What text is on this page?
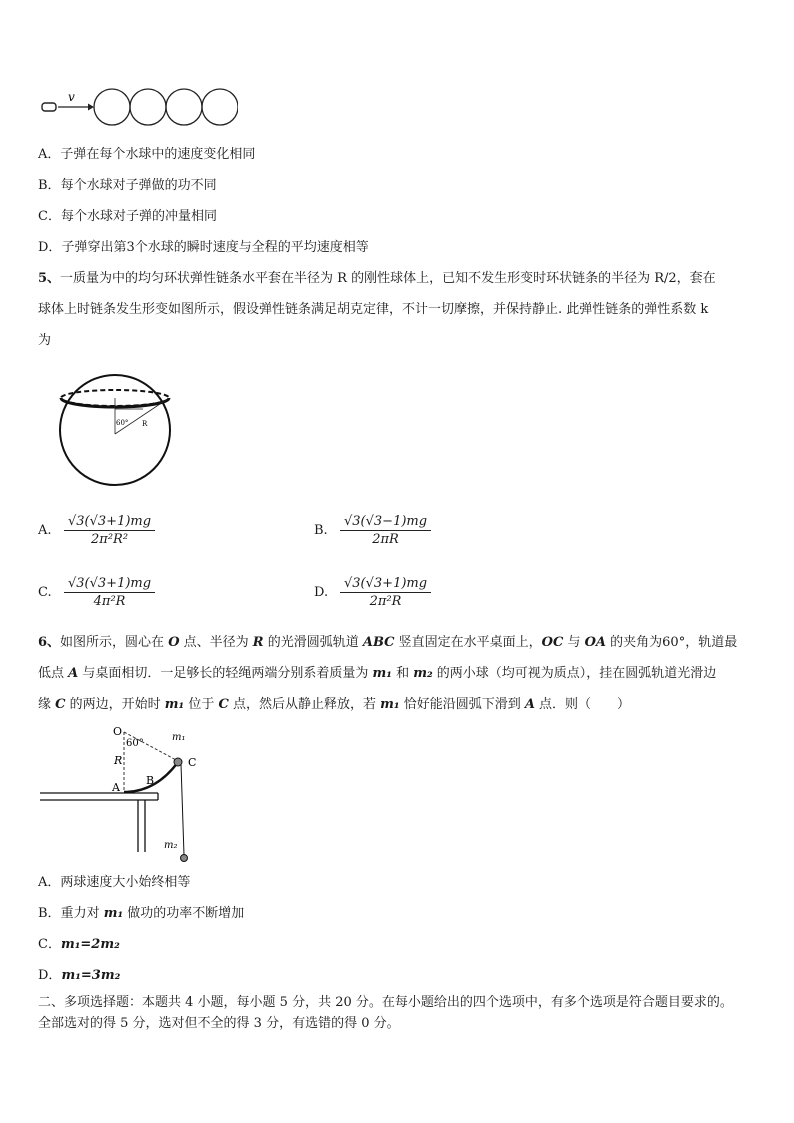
v
A．子弹在每个水球中的速度变化相同
B．每个水球对子弹做的功不同
C．每个水球对子弹的冲量相同
D．子弹穿出第3个水球的瞬时速度与全程的平均速度相等
5、一质量为中的均匀环状弹性链条水平套在半径为 R 的刚性球体上，已知不发生形变时环状链条的半径为 R/2，套在
球体上时链条发生形变如图所示，假设弹性链条满足胡克定律，不计一切摩擦，并保持静止. 此弹性链条的弹性系数 k
为
60° R
A. $\frac{√3(√3+1)mg}{\text{2π²R²}}$	B. $\frac{√3(√3-1)mg}{2\pi R}$
C. $\frac{√3(√3+1)mg}{\text{4π²R}}$	D. $\frac{√3(√3+1)mg}{\text{2π²R}}$
6、如图所示，圆心在 O 点、半径为 R 的光滑圆弧轨道 ABC 竖直固定在水平桌面上，OC 与 OA 的夹角为60°，轨道最
低点 A 与桌面相切．一足够长的轻绳两端分别系着质量为 m₁ 和 m₂ 的两小球（均可视为质点），挂在圆弧轨道光滑边
缘 C 的两边，开始时 m₁ 位于 C 点，然后从静止释放，若 m₁ 恰好能沿圆弧下滑到 A 点．则（　　）
O
60°
m₁
R
B
C
A
m₂
A．两球速度大小始终相等
B．重力对 m₁ 做功的功率不断增加
C．m₁=2m₂
D．m₁=3m₂
二、多项选择题：本题共 4 小题，每小题 5 分，共 20 分。在每小题给出的四个选项中，有多个选项是符合题目要求的。
全部选对的得 5 分，选对但不全的得 3 分，有选错的得 0 分。
